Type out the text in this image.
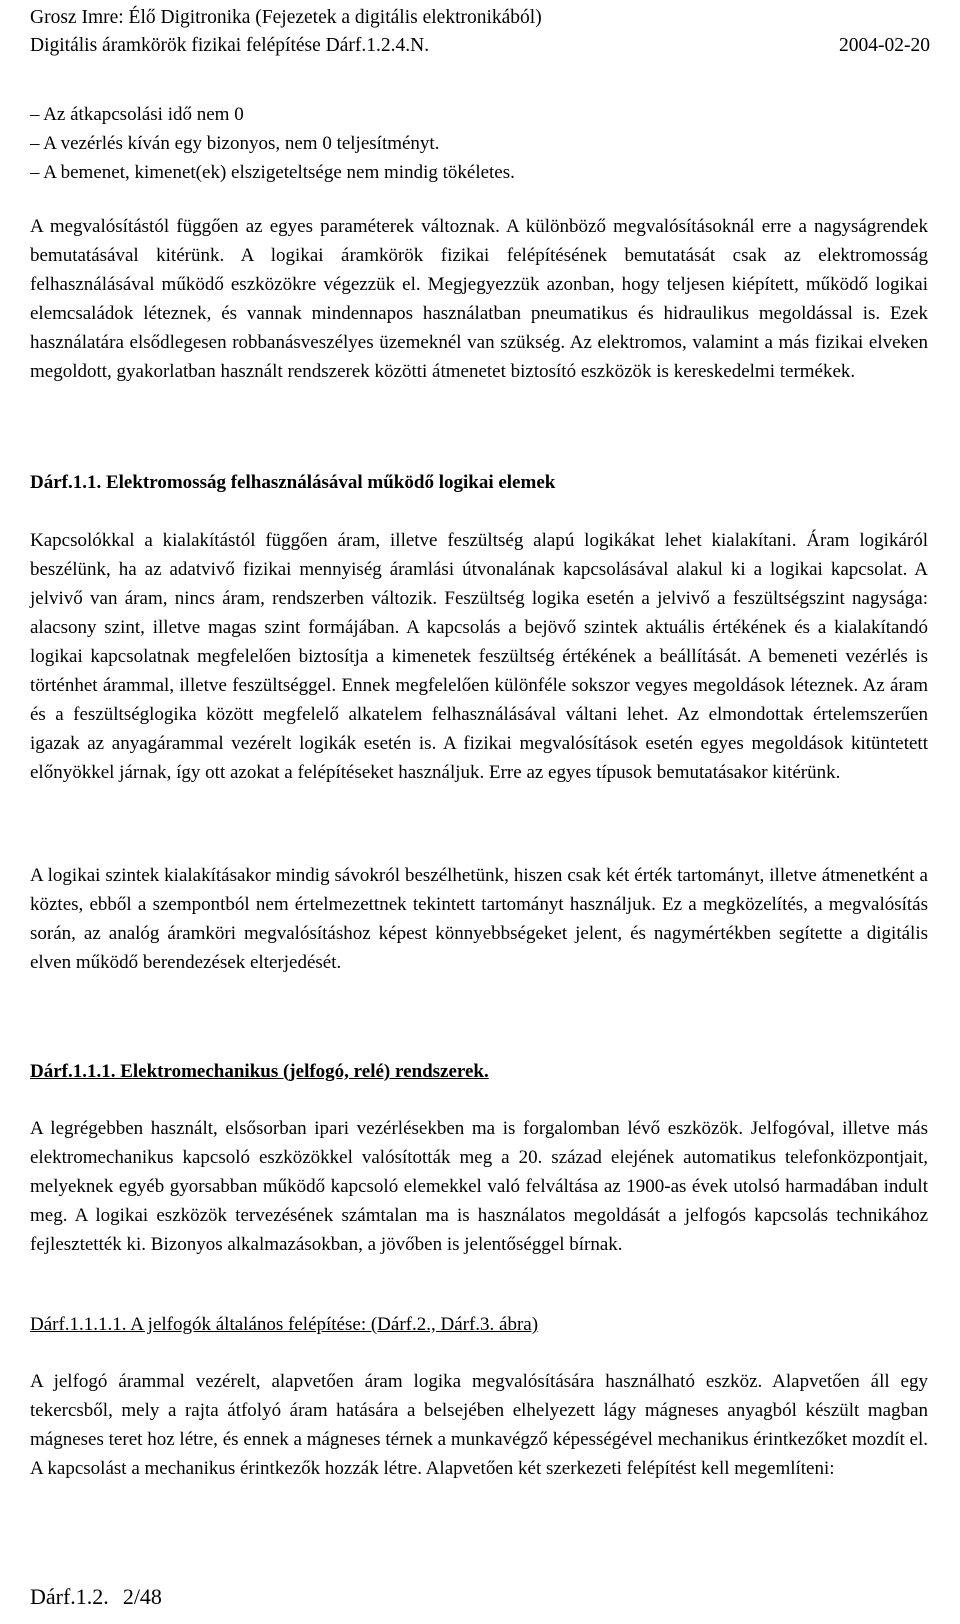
Grosz Imre: Élő Digitronika (Fejezetek a digitális elektronikából)
Digitális áramkörök fizikai felépítése Dárf.1.2.4.N.	2004-02-20
– Az átkapcsolási idő nem 0
– A vezérlés kíván egy bizonyos, nem 0 teljesítményt.
– A bemenet, kimenet(ek) elszigeteltsége nem mindig tökéletes.
A megvalósítástól függően az egyes paraméterek változnak. A különböző megvalósításoknál erre a nagyságrendek bemutatásával kitérünk. A logikai áramkörök fizikai felépítésének bemutatását csak az elektromosság felhasználásával működő eszközökre végezzük el. Megjegyezzük azonban, hogy teljesen kiépített, működő logikai elemcsaládok léteznek, és vannak mindennapos használatban pneumatikus és hidraulikus megoldással is. Ezek használatára elsődlegesen robbanásveszélyes üzemeknél van szükség. Az elektromos, valamint a más fizikai elveken megoldott, gyakorlatban használt rendszerek közötti átmenetet biztosító eszközök is kereskedelmi termékek.
Dárf.1.1. Elektromosság felhasználásával működő logikai elemek
Kapcsolókkal a kialakítástól függően áram, illetve feszültség alapú logikákat lehet kialakítani. Áram logikáról beszélünk, ha az adatvivő fizikai mennyiség áramlási útvonalának kapcsolásával alakul ki a logikai kapcsolat. A jelvivő van áram, nincs áram, rendszerben változik. Feszültség logika esetén a jelvivő a feszültségszint nagysága: alacsony szint, illetve magas szint formájában. A kapcsolás a bejövő szintek aktuális értékének és a kialakítandó logikai kapcsolatnak megfelelően biztosítja a kimenetek feszültség értékének a beállítását. A bemeneti vezérlés is történhet árammal, illetve feszültséggel. Ennek megfelelően különféle sokszor vegyes megoldások léteznek. Az áram és a feszültséglogika között megfelelő alkatelem felhasználásával váltani lehet. Az elmondottak értelemszerűen igazak az anyagárammal vezérelt logikák esetén is. A fizikai megvalósítások esetén egyes megoldások kitüntetett előnyökkel járnak, így ott azokat a felépítéseket használjuk. Erre az egyes típusok bemutatásakor kitérünk.
A logikai szintek kialakításakor mindig sávokról beszélhetünk, hiszen csak két érték tartományt, illetve átmenetként a köztes, ebből a szempontból nem értelmezettnek tekintett tartományt használjuk. Ez a megközelítés, a megvalósítás során, az analóg áramköri megvalósításhoz képest könnyebbségeket jelent, és nagymértékben segítette a digitális elven működő berendezések elterjedését.
Dárf.1.1.1. Elektromechanikus (jelfogó, relé) rendszerek.
A legrégebben használt, elsősorban ipari vezérlésekben ma is forgalomban lévő eszközök. Jelfogóval, illetve más elektromechanikus kapcsoló eszközökkel valósították meg a 20. század elejének automatikus telefonközpontjait, melyeknek egyéb gyorsabban működő kapcsoló elemekkel való felváltása az 1900-as évek utolsó harmadában indult meg. A logikai eszközök tervezésének számtalan ma is használatos megoldását a jelfogós kapcsolás technikához fejlesztették ki. Bizonyos alkalmazásokban, a jövőben is jelentőséggel bírnak.
Dárf.1.1.1.1. A jelfogók általános felépítése: (Dárf.2., Dárf.3. ábra)
A jelfogó árammal vezérelt, alapvetően áram logika megvalósítására használható eszköz. Alapvetően áll egy tekercsből, mely a rajta átfolyó áram hatására a belsejében elhelyezett lágy mágneses anyagból készült magban mágneses teret hoz létre, és ennek a mágneses térnek a munkavégző képességével mechanikus érintkezőket mozdít el. A kapcsolást a mechanikus érintkezők hozzák létre. Alapvetően két szerkezeti felépítést kell megemlíteni:
Dárf.1.2. 2/48
